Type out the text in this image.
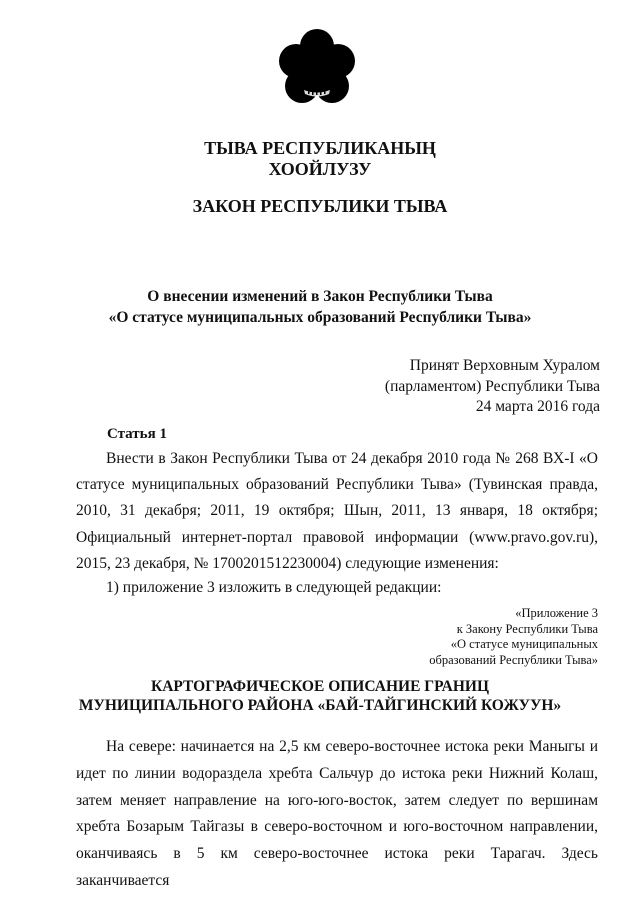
ТЫВА РЕСПУБЛИКАНЫҢ
ХООЙЛУЗУ
ЗАКОН РЕСПУБЛИКИ ТЫВА
О внесении изменений в Закон Республики Тыва
«О статусе муниципальных образований Республики Тыва»
Принят Верховным Хуралом
(парламентом) Республики Тыва
24 марта 2016 года
Статья 1

Внести в Закон Республики Тыва от 24 декабря 2010 года № 268 ВХ-I «О статусе муниципальных образований Республики Тыва» (Тувинская правда, 2010, 31 декабря; 2011, 19 октября; Шын, 2011, 13 января, 18 октября; Официальный интернет-портал правовой информации (www.pravo.gov.ru), 2015, 23 декабря, № 1700201512230004) следующие изменения:

1) приложение 3 изложить в следующей редакции:
«Приложение 3
к Закону Республики Тыва
«О статусе муниципальных
образований Республики Тыва»
КАРТОГРАФИЧЕСКОЕ ОПИСАНИЕ ГРАНИЦ
МУНИЦИПАЛЬНОГО РАЙОНА «БАЙ-ТАЙГИНСКИЙ КОЖУУН»

На севере: начинается на 2,5 км северо-восточнее истока реки Маныгы и идет по линии водораздела хребта Сальчур до истока реки Нижний Колаш, затем меняет направление на юго-юго-восток, затем следует по вершинам хребта Бозарым Тайгазы в северо-восточном и юго-восточном направлении, оканчиваясь в 5 км северо-восточнее истока реки Тарагач. Здесь заканчивается
